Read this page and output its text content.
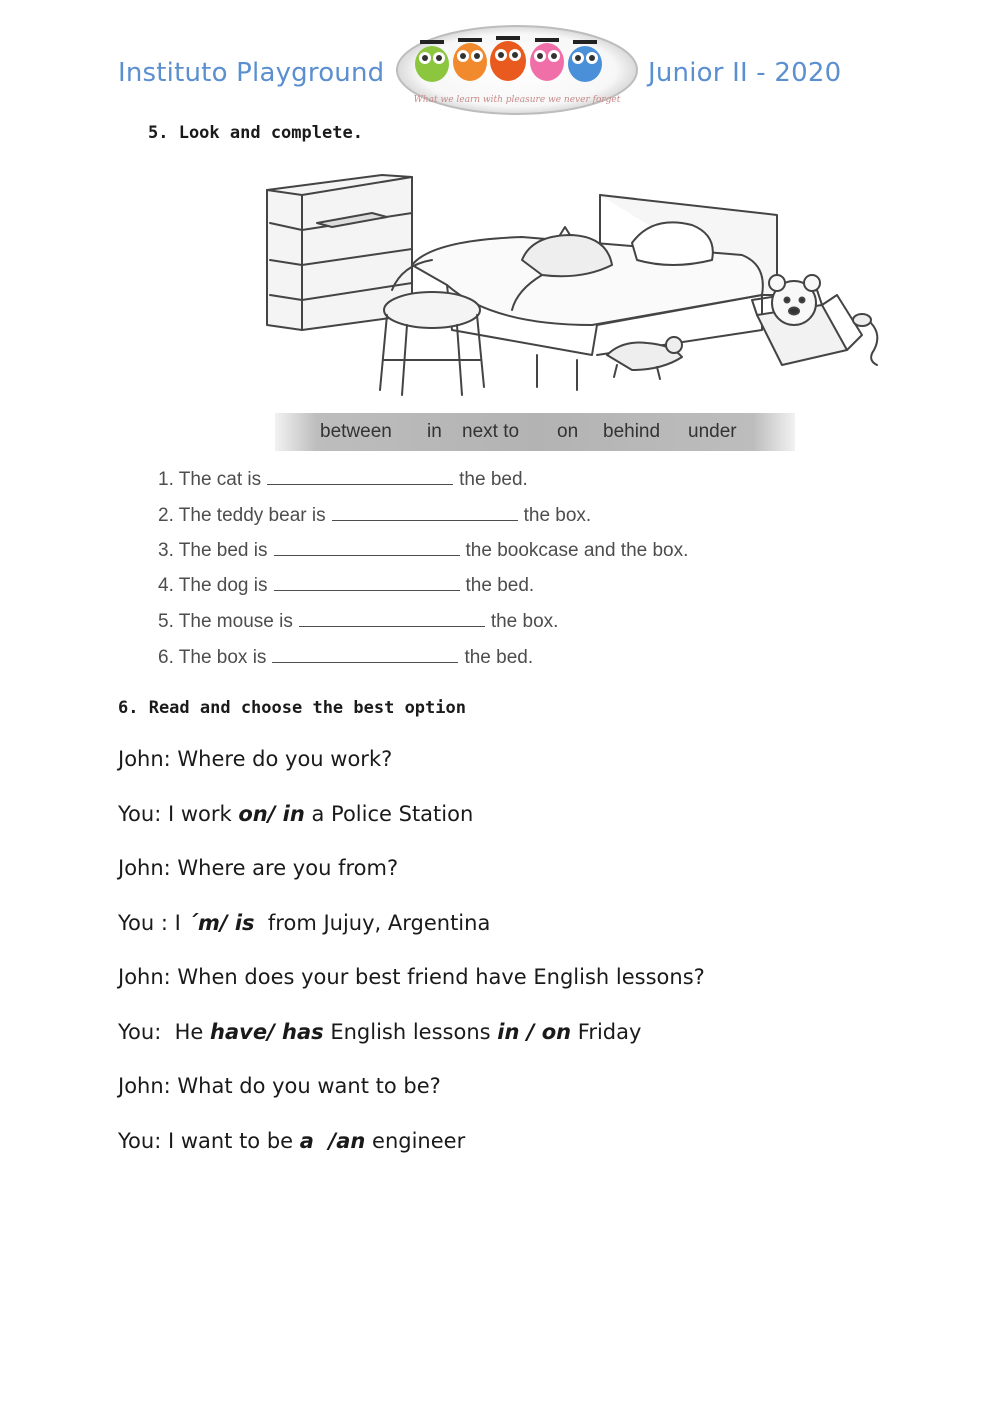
Instituto Playground
What we learn with pleasure we never forget
Junior II - 2020
5. Look and complete.
between in next to on behind under
1. The cat is	the bed.
2. The teddy bear is	the box.
3. The bed is	the bookcase and the box.
4. The dog is	the bed.
5. The mouse is	the box.
6. The box is	the bed.
6. Read and choose the best option
John: Where do you work?
You: I work on/ in a Police Station
John: Where are you from?
You : I ´m/ is  from Jujuy, Argentina
John: When does your best friend have English lessons?
You:  He have/ has English lessons in / on Friday
John: What do you want to be?
You: I want to be a  /an engineer
